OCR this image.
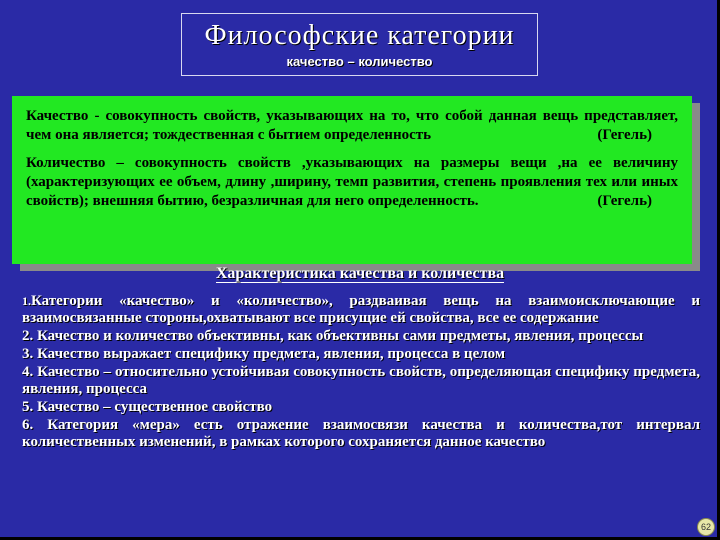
Философские категории
качество – количество

Качество - совокупность свойств, указывающих на то, что собой данная вещь представляет, чем она является; тождественная с бытием определенность	(Гегель)

Количество – совокупность свойств ,указывающих на размеры вещи ,на ее величину (характеризующих ее объем, длину ,ширину, темп развития, степень проявления тех или иных свойств); внешняя бытию, безразличная для него определенность.	(Гегель)

Характеристика качества и количества
1.Категории «качество» и «количество», раздваивая вещь на взаимоисключающие и взаимосвязанные стороны,охватывают все присущие ей свойства, все ее содержание
2. Качество и количество объективны, как объективны сами предметы, явления, процессы
3. Качество выражает специфику предмета, явления, процесса в целом
4. Качество – относительно устойчивая совокупность свойств, определяющая специфику предмета, явления, процесса
5. Качество – существенное свойство
6. Категория «мера» есть отражение взаимосвязи качества и количества,тот интервал количественных изменений, в рамках которого сохраняется данное качество
62
